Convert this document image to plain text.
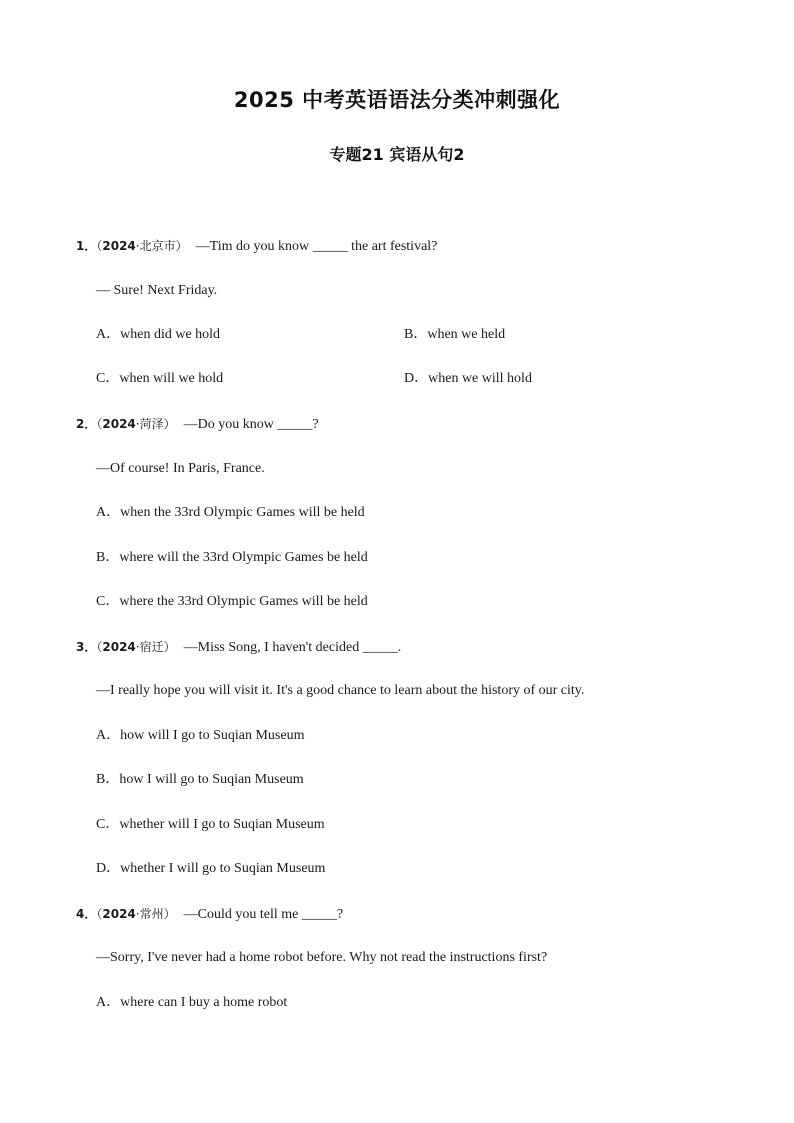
2025 中考英语语法分类冲刺强化
专题21 宾语从句2
1．（2024·北京市） —Tim do you know _____ the art festival?
— Sure! Next Friday.
A．when did we hold	B．when we held
C．when will we hold	D．when we will hold
2．（2024·菏泽） —Do you know _____?
—Of course! In Paris, France.
A．when the 33rd Olympic Games will be held
B．where will the 33rd Olympic Games be held
C．where the 33rd Olympic Games will be held
3．（2024·宿迁） —Miss Song, I haven't decided _____.
—I really hope you will visit it. It's a good chance to learn about the history of our city.
A．how will I go to Suqian Museum
B．how I will go to Suqian Museum
C．whether will I go to Suqian Museum
D．whether I will go to Suqian Museum
4．（2024·常州） —Could you tell me _____?
—Sorry, I've never had a home robot before. Why not read the instructions first?
A．where can I buy a home robot
